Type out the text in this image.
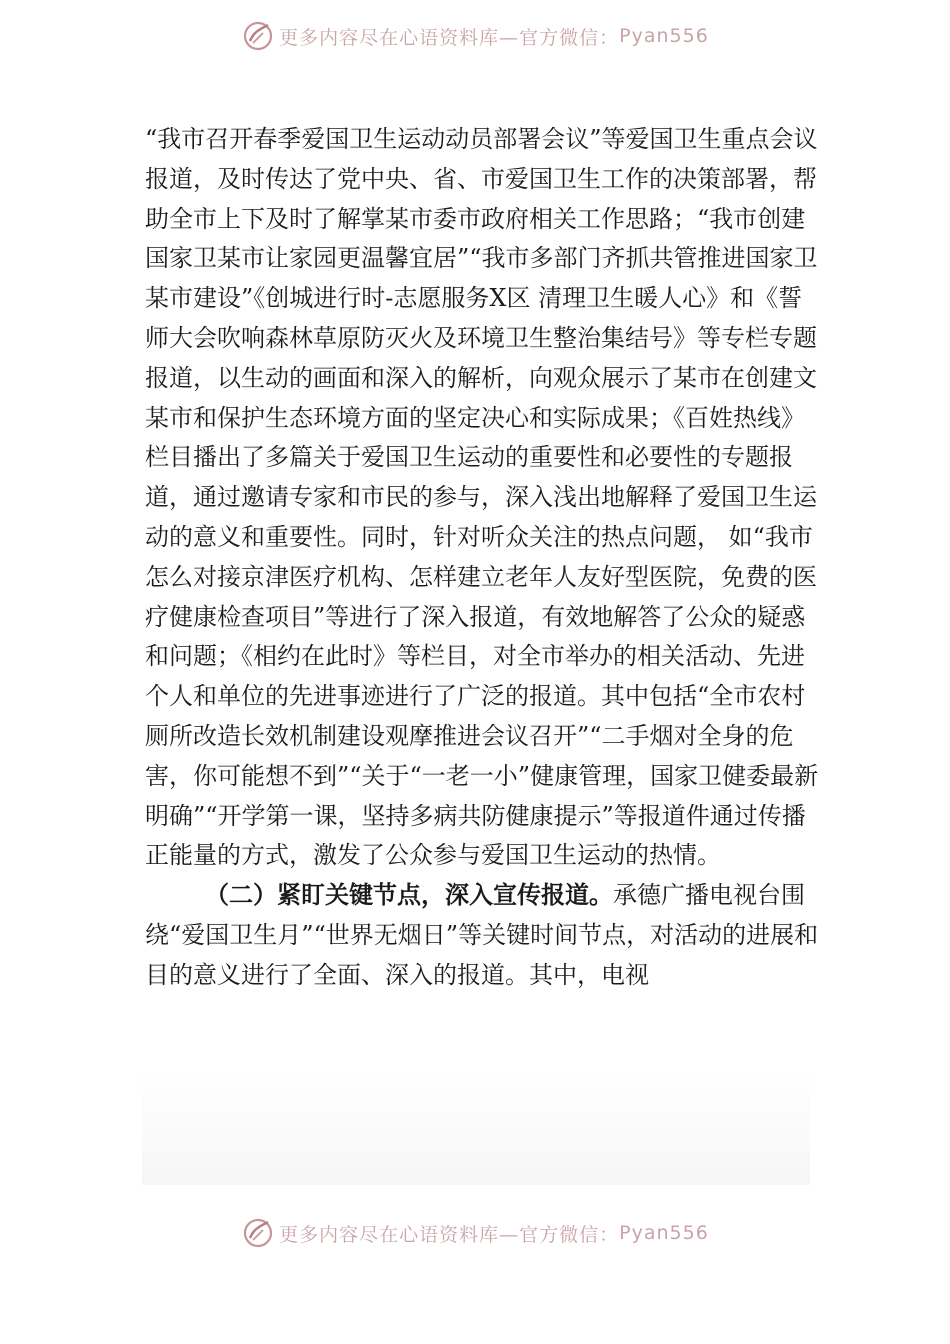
更多内容尽在心语资料库—官方微信： Pyan556

“我市召开春季爱国卫生运动动员部署会议”等爱国卫生重点会议报道，及时传达了党中央、省、市爱国卫生工作的决策部署，帮助全市上下及时了解掌某市委市政府相关工作思路；“我市创建国家卫某市让家园更温馨宜居”“我市多部门齐抓共管推进国家卫某市建设”《创城进行时-志愿服务X区 清理卫生暖人心》和《誓师大会吹响森林草原防灭火及环境卫生整治集结号》等专栏专题报道，以生动的画面和深入的解析，向观众展示了某市在创建文某市和保护生态环境方面的坚定决心和实际成果；《百姓热线》栏目播出了多篇关于爱国卫生运动的重要性和必要性的专题报道，通过邀请专家和市民的参与，深入浅出地解释了爱国卫生运动的意义和重要性。同时，针对听众关注的热点问题， 如“我市怎么对接京津医疗机构、怎样建立老年人友好型医院，免费的医疗健康检查项目”等进行了深入报道，有效地解答了公众的疑惑和问题；《相约在此时》等栏目，对全市举办的相关活动、先进个人和单位的先进事迹进行了广泛的报道。其中包括“全市农村厕所改造长效机制建设观摩推进会议召开”“二手烟对全身的危害，你可能想不到”“关于“一老一小”健康管理，国家卫健委最新明确”“开学第一课，坚持多病共防健康提示”等报道件通过传播正能量的方式，激发了公众参与爱国卫生运动的热情。

（二）紧盯关键节点，深入宣传报道。承德广播电视台围绕“爱国卫生月”“世界无烟日”等关键时间节点，对活动的进展和目的意义进行了全面、深入的报道。其中，电视

更多内容尽在心语资料库—官方微信： Pyan556
